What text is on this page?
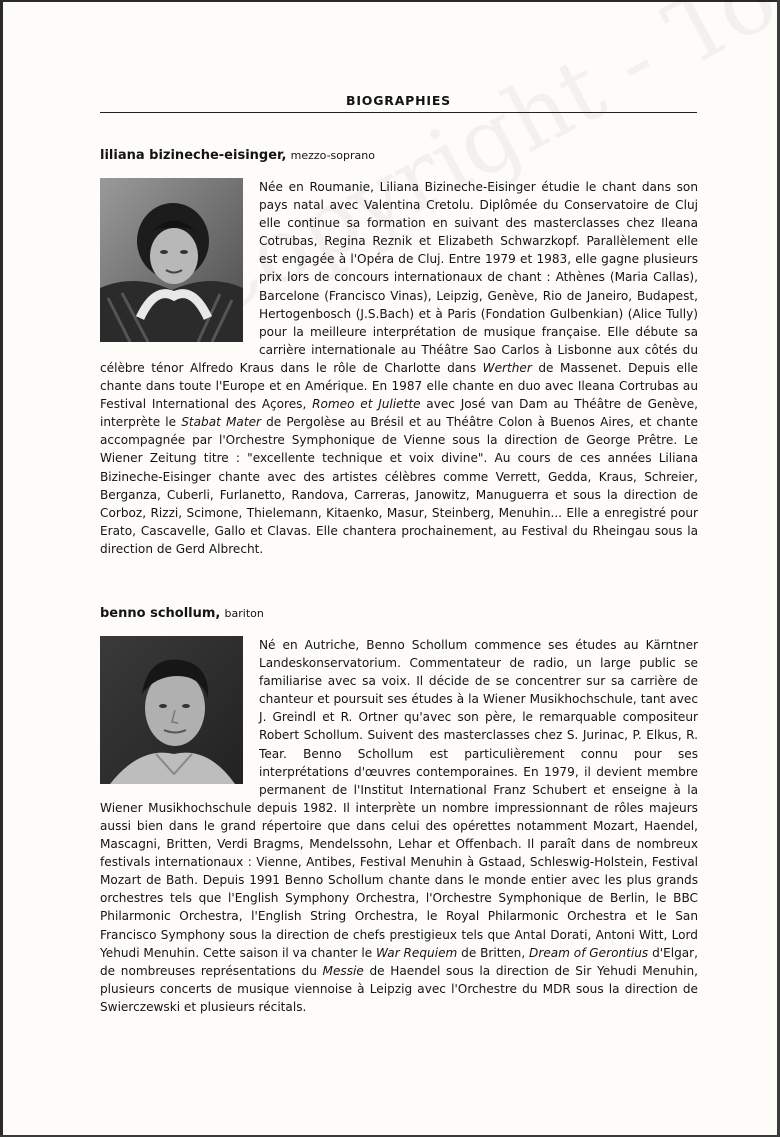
BIOGRAPHIES

liliana bizineche-eisinger, mezzo-soprano

Née en Roumanie, Liliana Bizineche-Eisinger étudie le chant dans son pays natal avec Valentina Cretolu. Diplômée du Conservatoire de Cluj elle continue sa formation en suivant des masterclasses chez Ileana Cotrubas, Regina Reznik et Elizabeth Schwarzkopf. Parallèlement elle est engagée à l'Opéra de Cluj. Entre 1979 et 1983, elle gagne plusieurs prix lors de concours internationaux de chant : Athènes (Maria Callas), Barcelone (Francisco Vinas), Leipzig, Genève, Rio de Janeiro, Budapest, Hertogenbosch (J.S.Bach) et à Paris (Fondation Gulbenkian) (Alice Tully) pour la meilleure interprétation de musique française. Elle débute sa carrière internationale au Théâtre Sao Carlos à Lisbonne aux côtés du célèbre ténor Alfredo Kraus dans le rôle de Charlotte dans Werther de Massenet. Depuis elle chante dans toute l'Europe et en Amérique. En 1987 elle chante en duo avec Ileana Cortrubas au Festival International des Açores, Romeo et Juliette avec José van Dam au Théâtre de Genève, interprète le Stabat Mater de Pergolèse au Brésil et au Théâtre Colon à Buenos Aires, et chante accompagnée par l'Orchestre Symphonique de Vienne sous la direction de George Prêtre. Le Wiener Zeitung titre : "excellente technique et voix divine". Au cours de ces années Liliana Bizineche-Eisinger chante avec des artistes célèbres comme Verrett, Gedda, Kraus, Schreier, Berganza, Cuberli, Furlanetto, Randova, Carreras, Janowitz, Manuguerra et sous la direction de Corboz, Rizzi, Scimone, Thielemann, Kitaenko, Masur, Steinberg, Menuhin... Elle a enregistré pour Erato, Cascavelle, Gallo et Clavas. Elle chantera prochainement, au Festival du Rheingau sous la direction de Gerd Albrecht.

benno schollum, bariton

Né en Autriche, Benno Schollum commence ses études au Kärntner Landeskonservatorium. Commentateur de radio, un large public se familiarise avec sa voix. Il décide de se concentrer sur sa carrière de chanteur et poursuit ses études à la Wiener Musikhochschule, tant avec J. Greindl et R. Ortner qu'avec son père, le remarquable compositeur Robert Schollum. Suivent des masterclasses chez S. Jurinac, P. Elkus, R. Tear. Benno Schollum est particulièrement connu pour ses interprétations d'œuvres contemporaines. En 1979, il devient membre permanent de l'Institut International Franz Schubert et enseigne à la Wiener Musikhochschule depuis 1982. Il interprète un nombre impressionnant de rôles majeurs aussi bien dans le grand répertoire que dans celui des opérettes notamment Mozart, Haendel, Mascagni, Britten, Verdi Bragms, Mendelssohn, Lehar et Offenbach. Il paraît dans de nombreux festivals internationaux : Vienne, Antibes, Festival Menuhin à Gstaad, Schleswig-Holstein, Festival Mozart de Bath. Depuis 1991 Benno Schollum chante dans le monde entier avec les plus grands orchestres tels que l'English Symphony Orchestra, l'Orchestre Symphonique de Berlin, le BBC Philarmonic Orchestra, l'English String Orchestra, le Royal Philarmonic Orchestra et le San Francisco Symphony sous la direction de chefs prestigieux tels que Antal Dorati, Antoni Witt, Lord Yehudi Menuhin. Cette saison il va chanter le War Requiem de Britten, Dream of Gerontius d'Elgar, de nombreuses représentations du Messie de Haendel sous la direction de Sir Yehudi Menuhin, plusieurs concerts de musique viennoise à Leipzig avec l'Orchestre du MDR sous la direction de Swierczewski et plusieurs récitals.
